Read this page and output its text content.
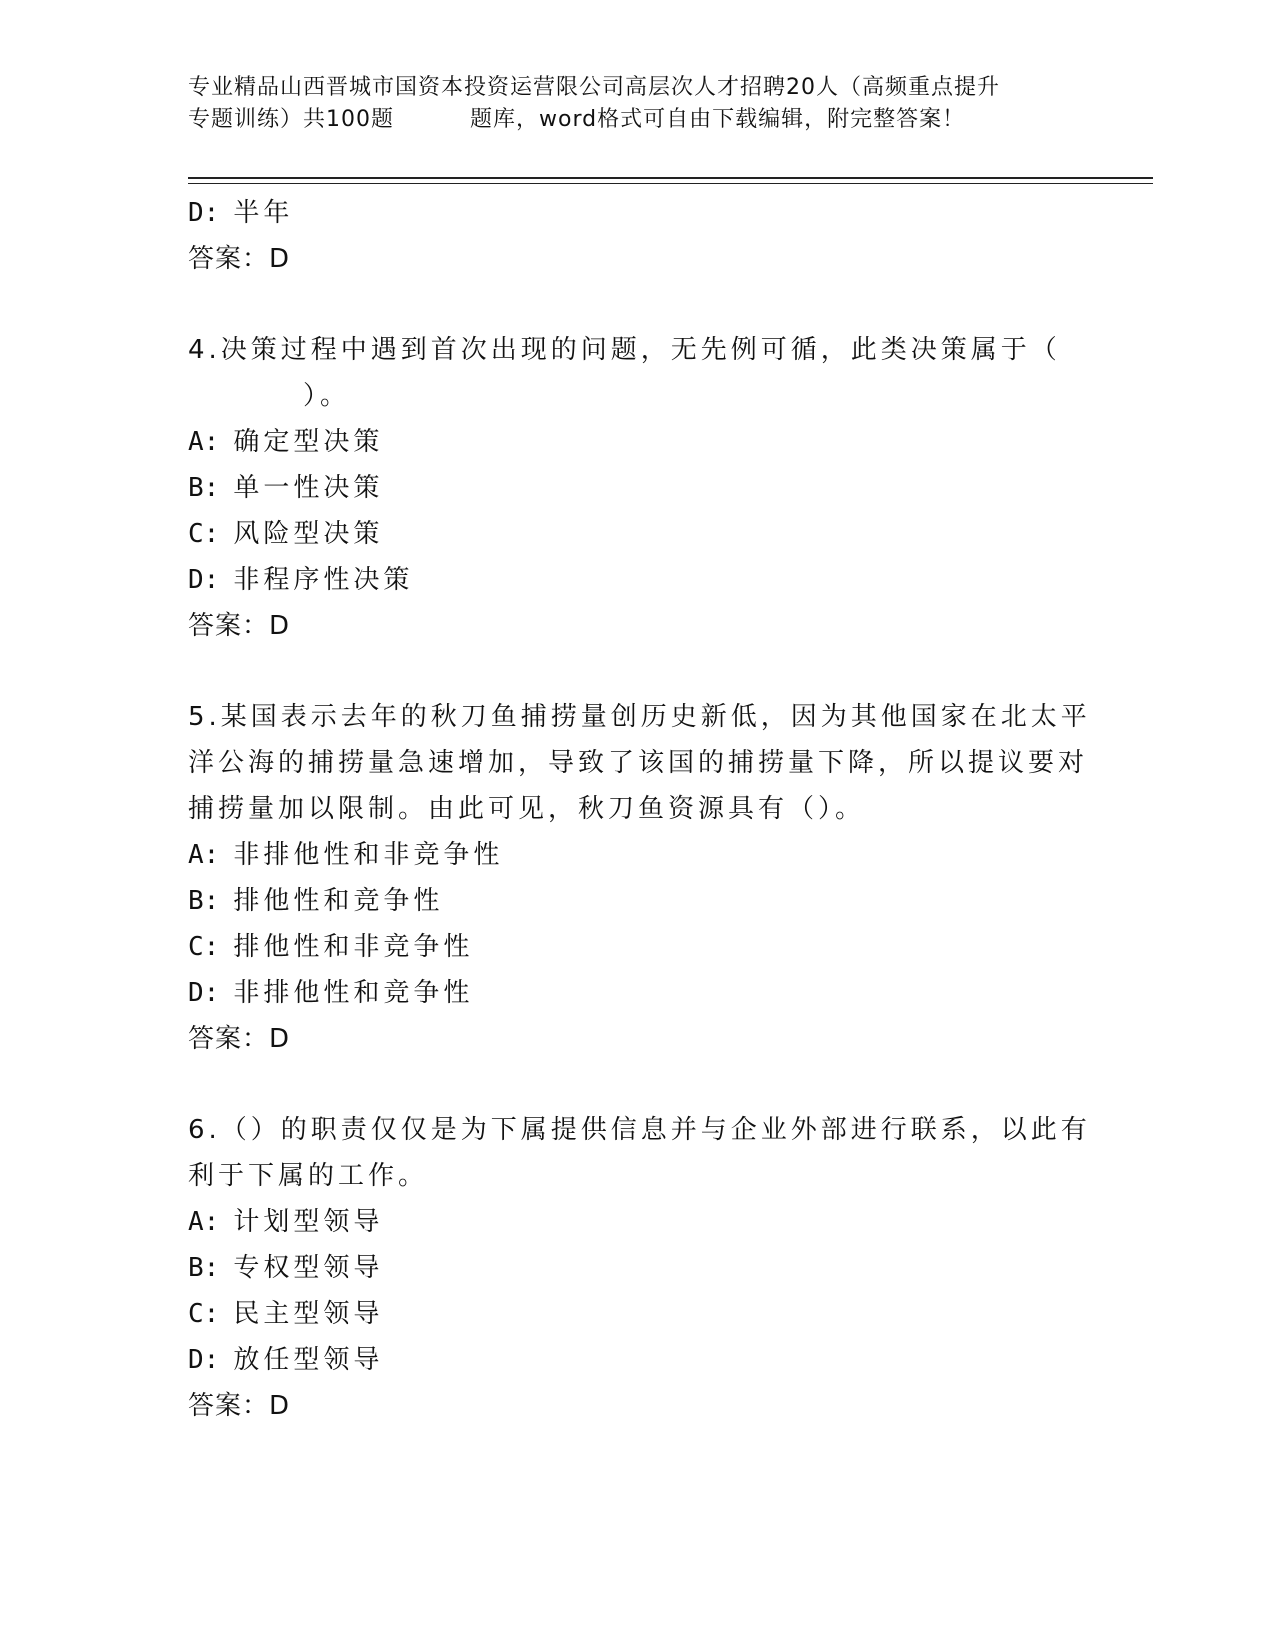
专业精品山西晋城市国资本投资运营限公司高层次人才招聘20人（高频重点提升
专题训练）共100题	题库，word格式可自由下载编辑，附完整答案！
D: 半年
答案：D
4.决策过程中遇到首次出现的问题，无先例可循，此类决策属于（
）。
A: 确定型决策
B: 单一性决策
C: 风险型决策
D: 非程序性决策
答案：D
5.某国表示去年的秋刀鱼捕捞量创历史新低，因为其他国家在北太平
洋公海的捕捞量急速增加，导致了该国的捕捞量下降，所以提议要对
捕捞量加以限制。由此可见，秋刀鱼资源具有（）。
A: 非排他性和非竞争性
B: 排他性和竞争性
C: 排他性和非竞争性
D: 非排他性和竞争性
答案：D
6.（）的职责仅仅是为下属提供信息并与企业外部进行联系，以此有
利于下属的工作。
A: 计划型领导
B: 专权型领导
C: 民主型领导
D: 放任型领导
答案：D
